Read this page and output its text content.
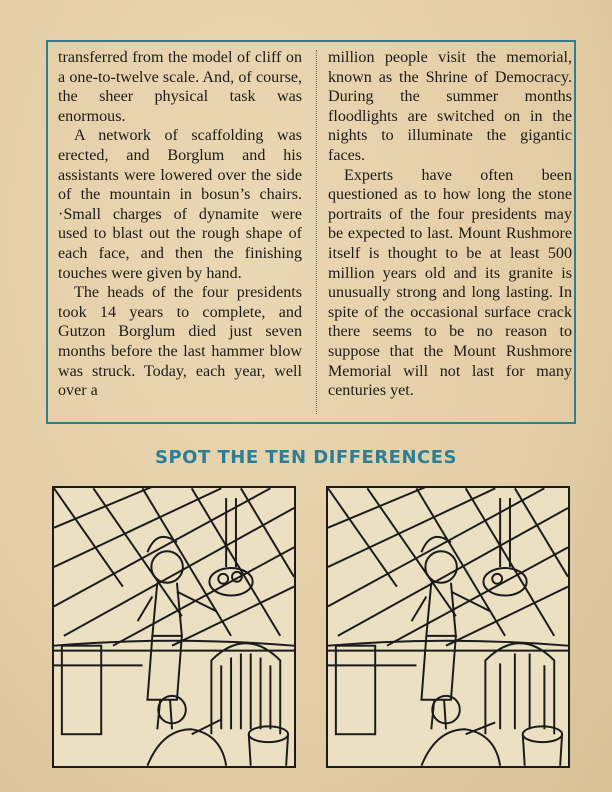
transferred from the model of cliff on a one-to-twelve scale. And, of course, the sheer physical task was enormous.

A network of scaffolding was erected, and Borglum and his assistants were lowered over the side of the mountain in bosun’s chairs. ·Small charges of dynamite were used to blast out the rough shape of each face, and then the finishing touches were given by hand.

The heads of the four presidents took 14 years to complete, and Gutzon Borglum died just seven months before the last hammer blow was struck. Today, each year, well over a

million people visit the memorial, known as the Shrine of Democracy. During the summer months floodlights are switched on in the nights to illuminate the gigantic faces.

Experts have often been questioned as to how long the stone portraits of the four presidents may be expected to last. Mount Rushmore itself is thought to be at least 500 million years old and its granite is unusually strong and long lasting. In spite of the occasional surface crack there seems to be no reason to suppose that the Mount Rushmore Memorial will not last for many centuries yet.

SPOT THE TEN DIFFERENCES
